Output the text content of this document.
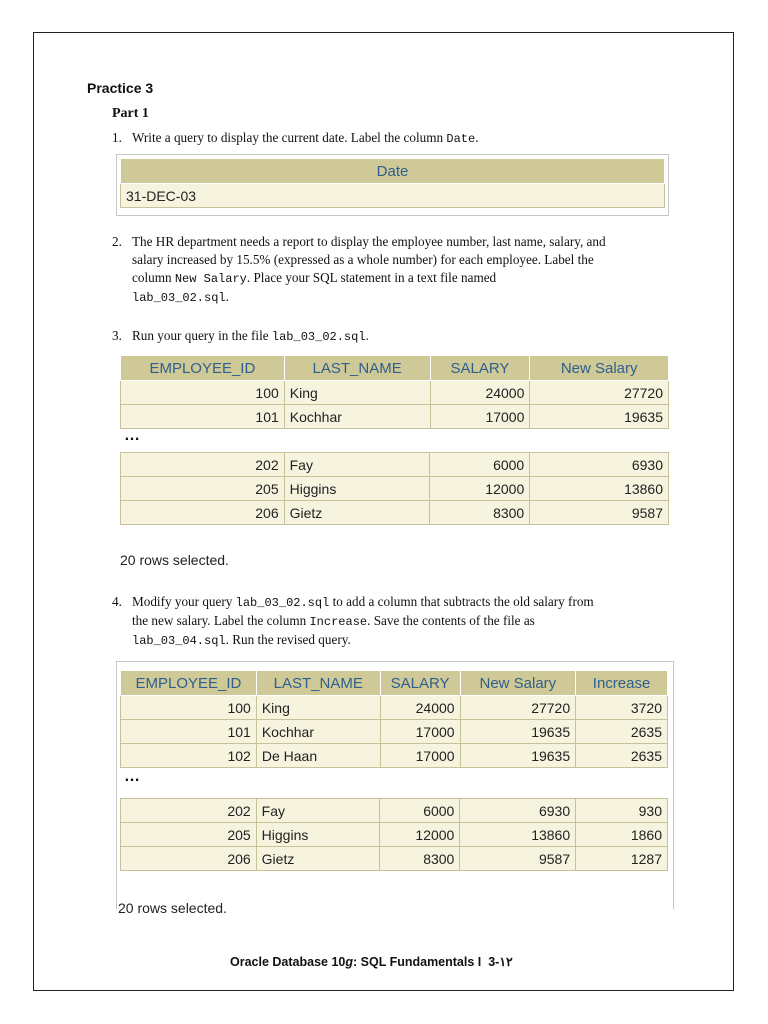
Practice 3
Part 1
1. Write a query to display the current date. Label the column Date.
Date
31-DEC-03
2. The HR department needs a report to display the employee number, last name, salary, and
salary increased by 15.5% (expressed as a whole number) for each employee. Label the
column New Salary. Place your SQL statement in a text file named
lab_03_02.sql.
3. Run your query in the file lab_03_02.sql.
EMPLOYEE_ID	LAST_NAME	SALARY	New Salary
100	King	24000	27720
101	Kochhar	17000	19635
…
202	Fay	6000	6930
205	Higgins	12000	13860
206	Gietz	8300	9587
20 rows selected.
4. Modify your query lab_03_02.sql to add a column that subtracts the old salary from
the new salary. Label the column Increase. Save the contents of the file as
lab_03_04.sql. Run the revised query.
EMPLOYEE_ID	LAST_NAME	SALARY	New Salary	Increase
100	King	24000	27720	3720
101	Kochhar	17000	19635	2635
102	De Haan	17000	19635	2635
…
202	Fay	6000	6930	930
205	Higgins	12000	13860	1860
206	Gietz	8300	9587	1287
20 rows selected.
Oracle Database 10g: SQL Fundamentals I 3-١٢
